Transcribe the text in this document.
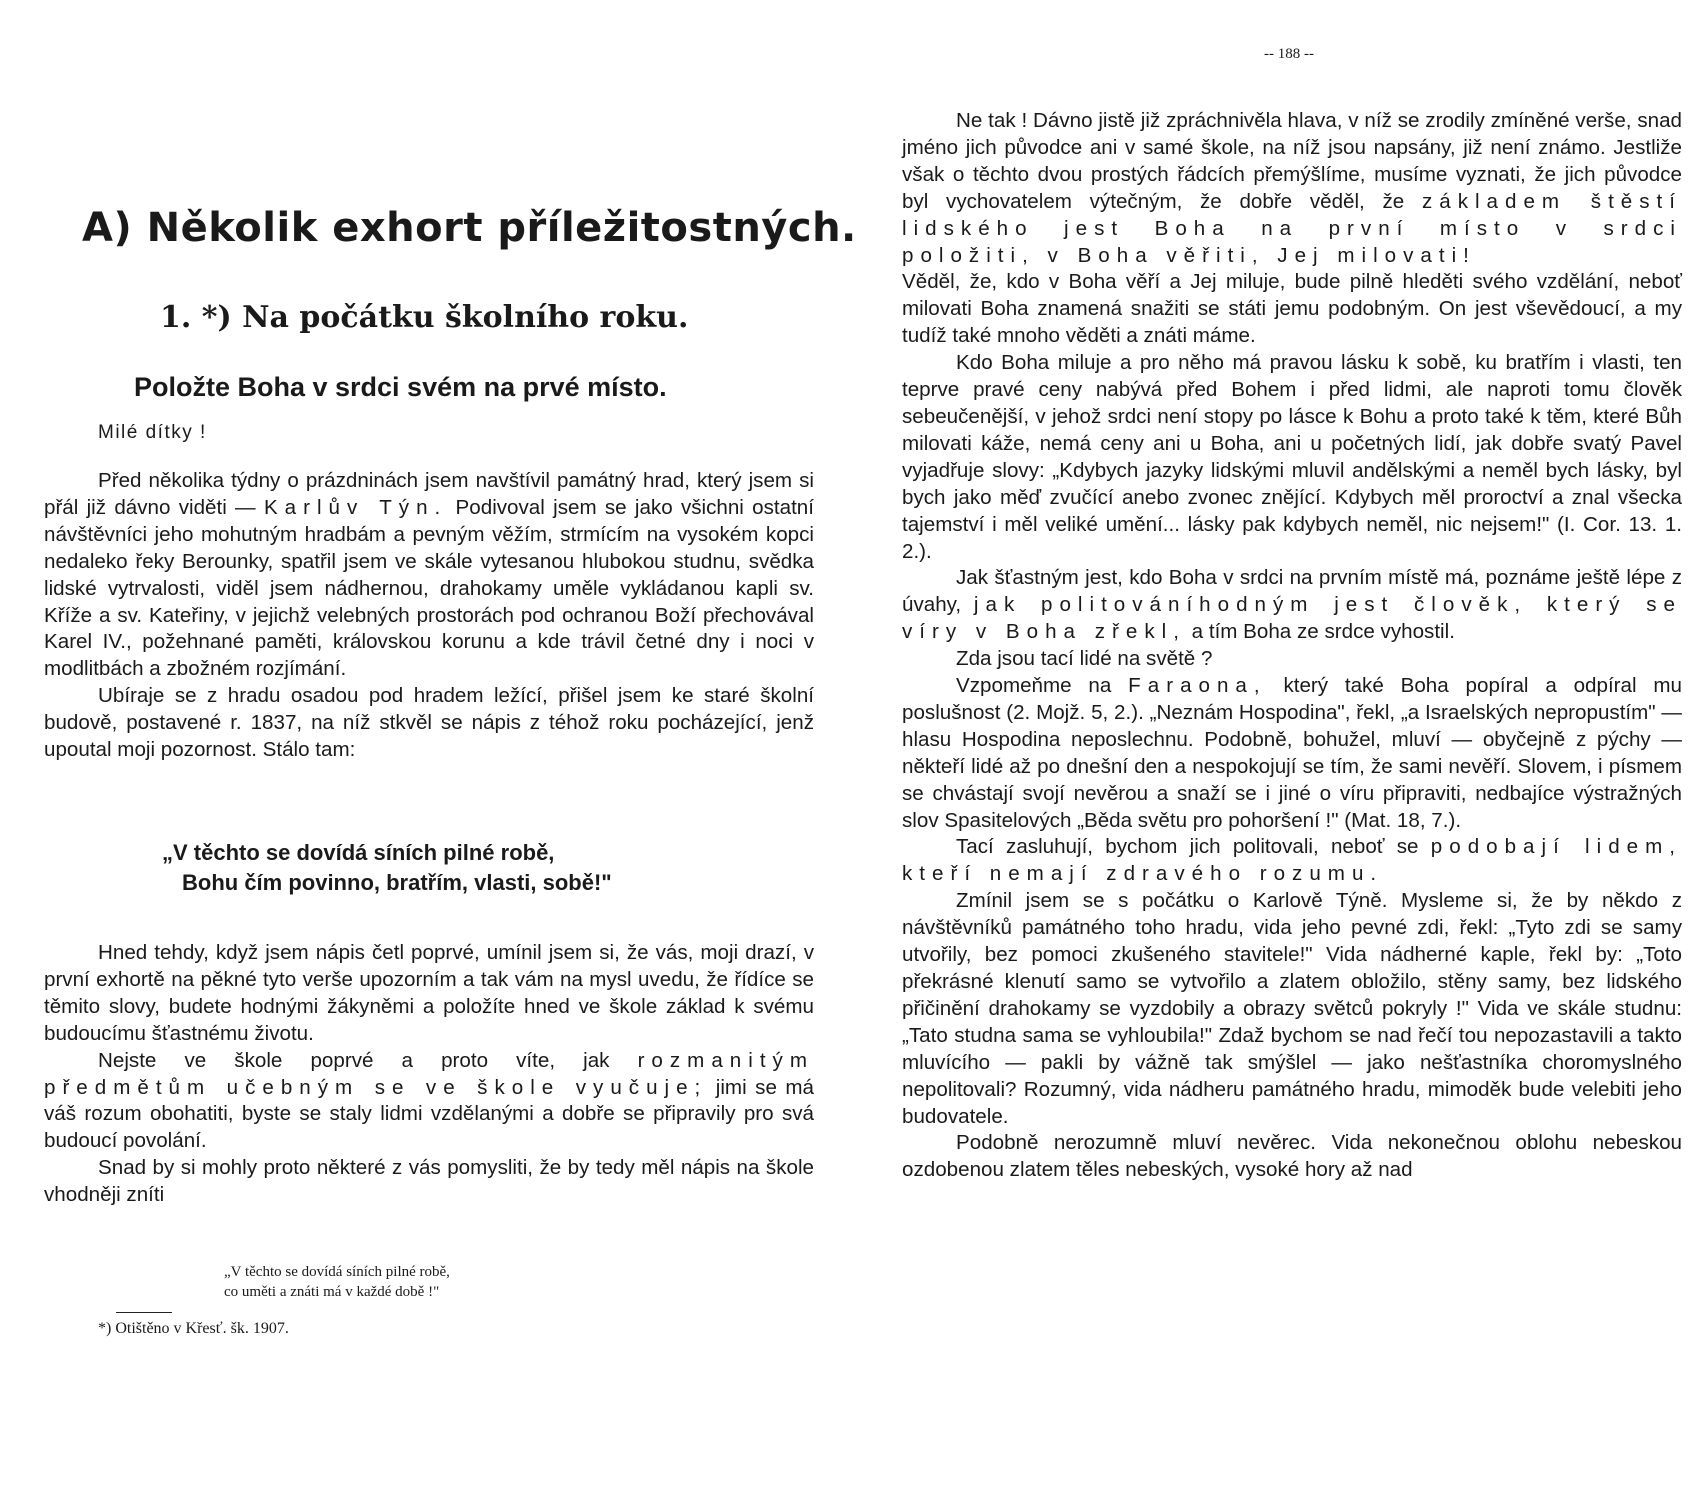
A) Několik exhort příležitostných.
1. *) Na počátku školního roku.
Položte Boha v srdci svém na prvé místo.
Milé dítky !

Před několika týdny o prázdninách jsem navštívil památný hrad, který jsem si přál již dávno viděti — Karlův Týn. Podivoval jsem se jako všichni ostatní návštěvníci jeho mohutným hradbám a pevným věžím, strmícím na vysokém kopci nedaleko řeky Berounky, spatřil jsem ve skále vytesanou hlubokou studnu, svědka lidské vytrvalosti, viděl jsem nádhernou, drahokamy uměle vykládanou kapli sv. Kříže a sv. Kateřiny, v jejichž velebných prostorách pod ochranou Boží přechovával Karel IV., požehnané paměti, královskou korunu a kde trávil četné dny i noci v modlitbách a zbožném rozjímání.

Ubíraje se z hradu osadou pod hradem ležící, přišel jsem ke staré školní budově, postavené r. 1837, na níž stkvěl se nápis z téhož roku pocházející, jenž upoutal moji pozornost. Stálo tam:

„V těchto se dovídá síních pilné robě,
Bohu čím povinno, bratřím, vlasti, sobě!"

Hned tehdy, když jsem nápis četl poprvé, umínil jsem si, že vás, moji drazí, v první exhortě na pěkné tyto verše upozorním a tak vám na mysl uvedu, že řídíce se těmito slovy, budete hodnými žákyněmi a položíte hned ve škole základ k svému budoucímu šťastnému životu.

Nejste ve škole poprvé a proto víte, jak rozmanitým předmětům učebným se ve škole vyučuje; jimi se má váš rozum obohatiti, byste se staly lidmi vzdělanými a dobře se připravily pro svá budoucí povolání.

Snad by si mohly proto některé z vás pomysliti, že by tedy měl nápis na škole vhodněji zníti

„V těchto se dovídá síních pilné robě,
co uměti a znáti má v každé době !"
*) Otištěno v Křesť. šk. 1907.
-- 188 --

Ne tak ! Dávno jistě již zpráchnivěla hlava, v níž se zrodily zmíněné verše, snad jméno jich původce ani v samé škole, na níž jsou napsány, již není známo. Jestliže však o těchto dvou prostých řádcích přemýšlíme, musíme vyznati, že jich původce byl vychovatelem výtečným, že dobře věděl, že základem štěstí lidského jest Boha na první místo v srdci položiti, v Boha věřiti, Jej milovati!

Věděl, že, kdo v Boha věří a Jej miluje, bude pilně hleděti svého vzdělání, neboť milovati Boha znamená snažiti se státi jemu podobným. On jest vševědoucí, a my tudíž také mnoho věděti a znáti máme.

Kdo Boha miluje a pro něho má pravou lásku k sobě, ku bratřím i vlasti, ten teprve pravé ceny nabývá před Bohem i před lidmi, ale naproti tomu člověk sebeučenější, v jehož srdci není stopy po lásce k Bohu a proto také k těm, které Bůh milovati káže, nemá ceny ani u Boha, ani u početných lidí, jak dobře svatý Pavel vyjadřuje slovy: „Kdybych jazyky lidskými mluvil andělskými a neměl bych lásky, byl bych jako měď zvučící anebo zvonec znějící. Kdybych měl proroctví a znal všecka tajemství i měl veliké umění... lásky pak kdybych neměl, nic nejsem!" (I. Cor. 13. 1. 2.).

Jak šťastným jest, kdo Boha v srdci na prvním místě má, poznáme ještě lépe z úvahy, jak politováníhodným jest člověk, který se víry v Boha zřekl, a tím Boha ze srdce vyhostil.

Zda jsou tací lidé na světě ?

Vzpomeňme na Faraona, který také Boha popíral a odpíral mu poslušnost (2. Mojž. 5, 2.). „Neznám Hospodina", řekl, „a Israelských nepropustím" — hlasu Hospodina neposlechnu. Podobně, bohužel, mluví — obyčejně z pýchy — někteří lidé až po dnešní den a nespokojují se tím, že sami nevěří. Slovem, i písmem se chvástají svojí nevěrou a snaží se i jiné o víru připraviti, nedbajíce výstražných slov Spasitelových „Běda světu pro pohoršení !" (Mat. 18, 7.).

Tací zasluhují, bychom jich politovali, neboť se podobají lidem, kteří nemají zdravého rozumu.

Zmínil jsem se s počátku o Karlově Týně. Mysleme si, že by někdo z návštěvníků památného toho hradu, vida jeho pevné zdi, řekl: „Tyto zdi se samy utvořily, bez pomoci zkušeného stavitele!" Vida nádherné kaple, řekl by: „Toto překrásné klenutí samo se vytvořilo a zlatem obložilo, stěny samy, bez lidského přičinění drahokamy se vyzdobily a obrazy světců pokryly !" Vida ve skále studnu: „Tato studna sama se vyhloubila!" Zdaž bychom se nad řečí tou nepozastavili a takto mluvícího — pakli by vážně tak smýšlel — jako nešťastníka choromyslného nepolitovali? Rozumný, vida nádheru památného hradu, mimoděk bude velebiti jeho budovatele.

Podobně nerozumně mluví nevěrec. Vida nekonečnou oblohu nebeskou ozdobenou zlatem těles nebeských, vysoké hory až nad
